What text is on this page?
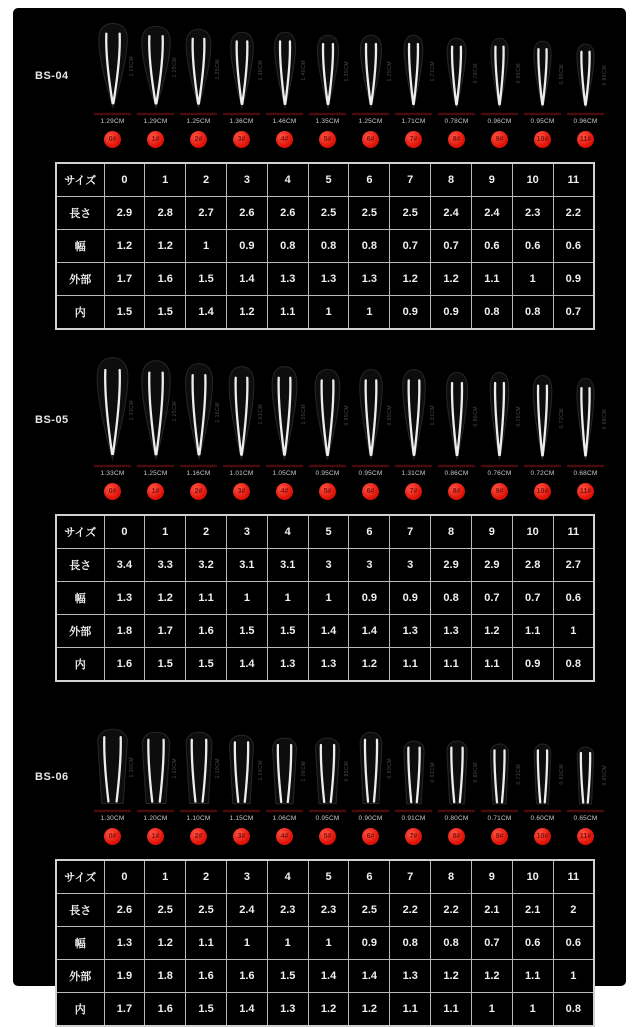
BS-04	1.29CM
1.29CM
0#
1.29CM
1.29CM
1#
1.25CM
1.25CM
2#
1.36CM
1.36CM
3#
1.46CM
1.46CM
4#
1.35CM
1.35CM
5#
1.25CM
1.25CM
6#
1.71CM
1.71CM
7#
0.78CM
0.78CM
8#
0.96CM
0.96CM
9#
0.95CM
0.95CM
10#
0.96CM
0.96CM
11#
サイズ	0	1	2	3	4	5	6	7	8	9	10	11
長さ	2.9	2.8	2.7	2.6	2.6	2.5	2.5	2.5	2.4	2.4	2.3	2.2
幅	1.2	1.2	1	0.9	0.8	0.8	0.8	0.7	0.7	0.6	0.6	0.6
外部	1.7	1.6	1.5	1.4	1.3	1.3	1.3	1.2	1.2	1.1	1	0.9
内	1.5	1.5	1.4	1.2	1.1	1	1	0.9	0.9	0.8	0.8	0.7
BS-05	1.33CM
1.33CM
0#
1.25CM
1.25CM
1#
1.16CM
1.16CM
2#
1.01CM
1.01CM
3#
1.05CM
1.05CM
4#
0.95CM
0.95CM
5#
0.95CM
0.95CM
6#
1.31CM
1.31CM
7#
0.86CM
0.86CM
8#
0.76CM
0.76CM
9#
0.72CM
0.72CM
10#
0.68CM
0.68CM
11#
サイズ	0	1	2	3	4	5	6	7	8	9	10	11
長さ	3.4	3.3	3.2	3.1	3.1	3	3	3	2.9	2.9	2.8	2.7
幅	1.3	1.2	1.1	1	1	1	0.9	0.9	0.8	0.7	0.7	0.6
外部	1.8	1.7	1.6	1.5	1.5	1.4	1.4	1.3	1.3	1.2	1.1	1
内	1.6	1.5	1.5	1.4	1.3	1.3	1.2	1.1	1.1	1.1	0.9	0.8
BS-06	1.30CM
1.30CM
0#
1.20CM
1.20CM
1#
1.10CM
1.10CM
2#
1.15CM
1.15CM
3#
1.06CM
1.06CM
4#
0.95CM
0.95CM
5#
0.90CM
0.90CM
6#
0.91CM
0.91CM
7#
0.80CM
0.80CM
8#
0.71CM
0.71CM
9#
0.60CM
0.60CM
10#
0.65CM
0.65CM
11#
サイズ	0	1	2	3	4	5	6	7	8	9	10	11
長さ	2.6	2.5	2.5	2.4	2.3	2.3	2.5	2.2	2.2	2.1	2.1	2
幅	1.3	1.2	1.1	1	1	1	0.9	0.8	0.8	0.7	0.6	0.6
外部	1.9	1.8	1.6	1.6	1.5	1.4	1.4	1.3	1.2	1.2	1.1	1
内	1.7	1.6	1.5	1.4	1.3	1.2	1.2	1.1	1.1	1	1	0.8
